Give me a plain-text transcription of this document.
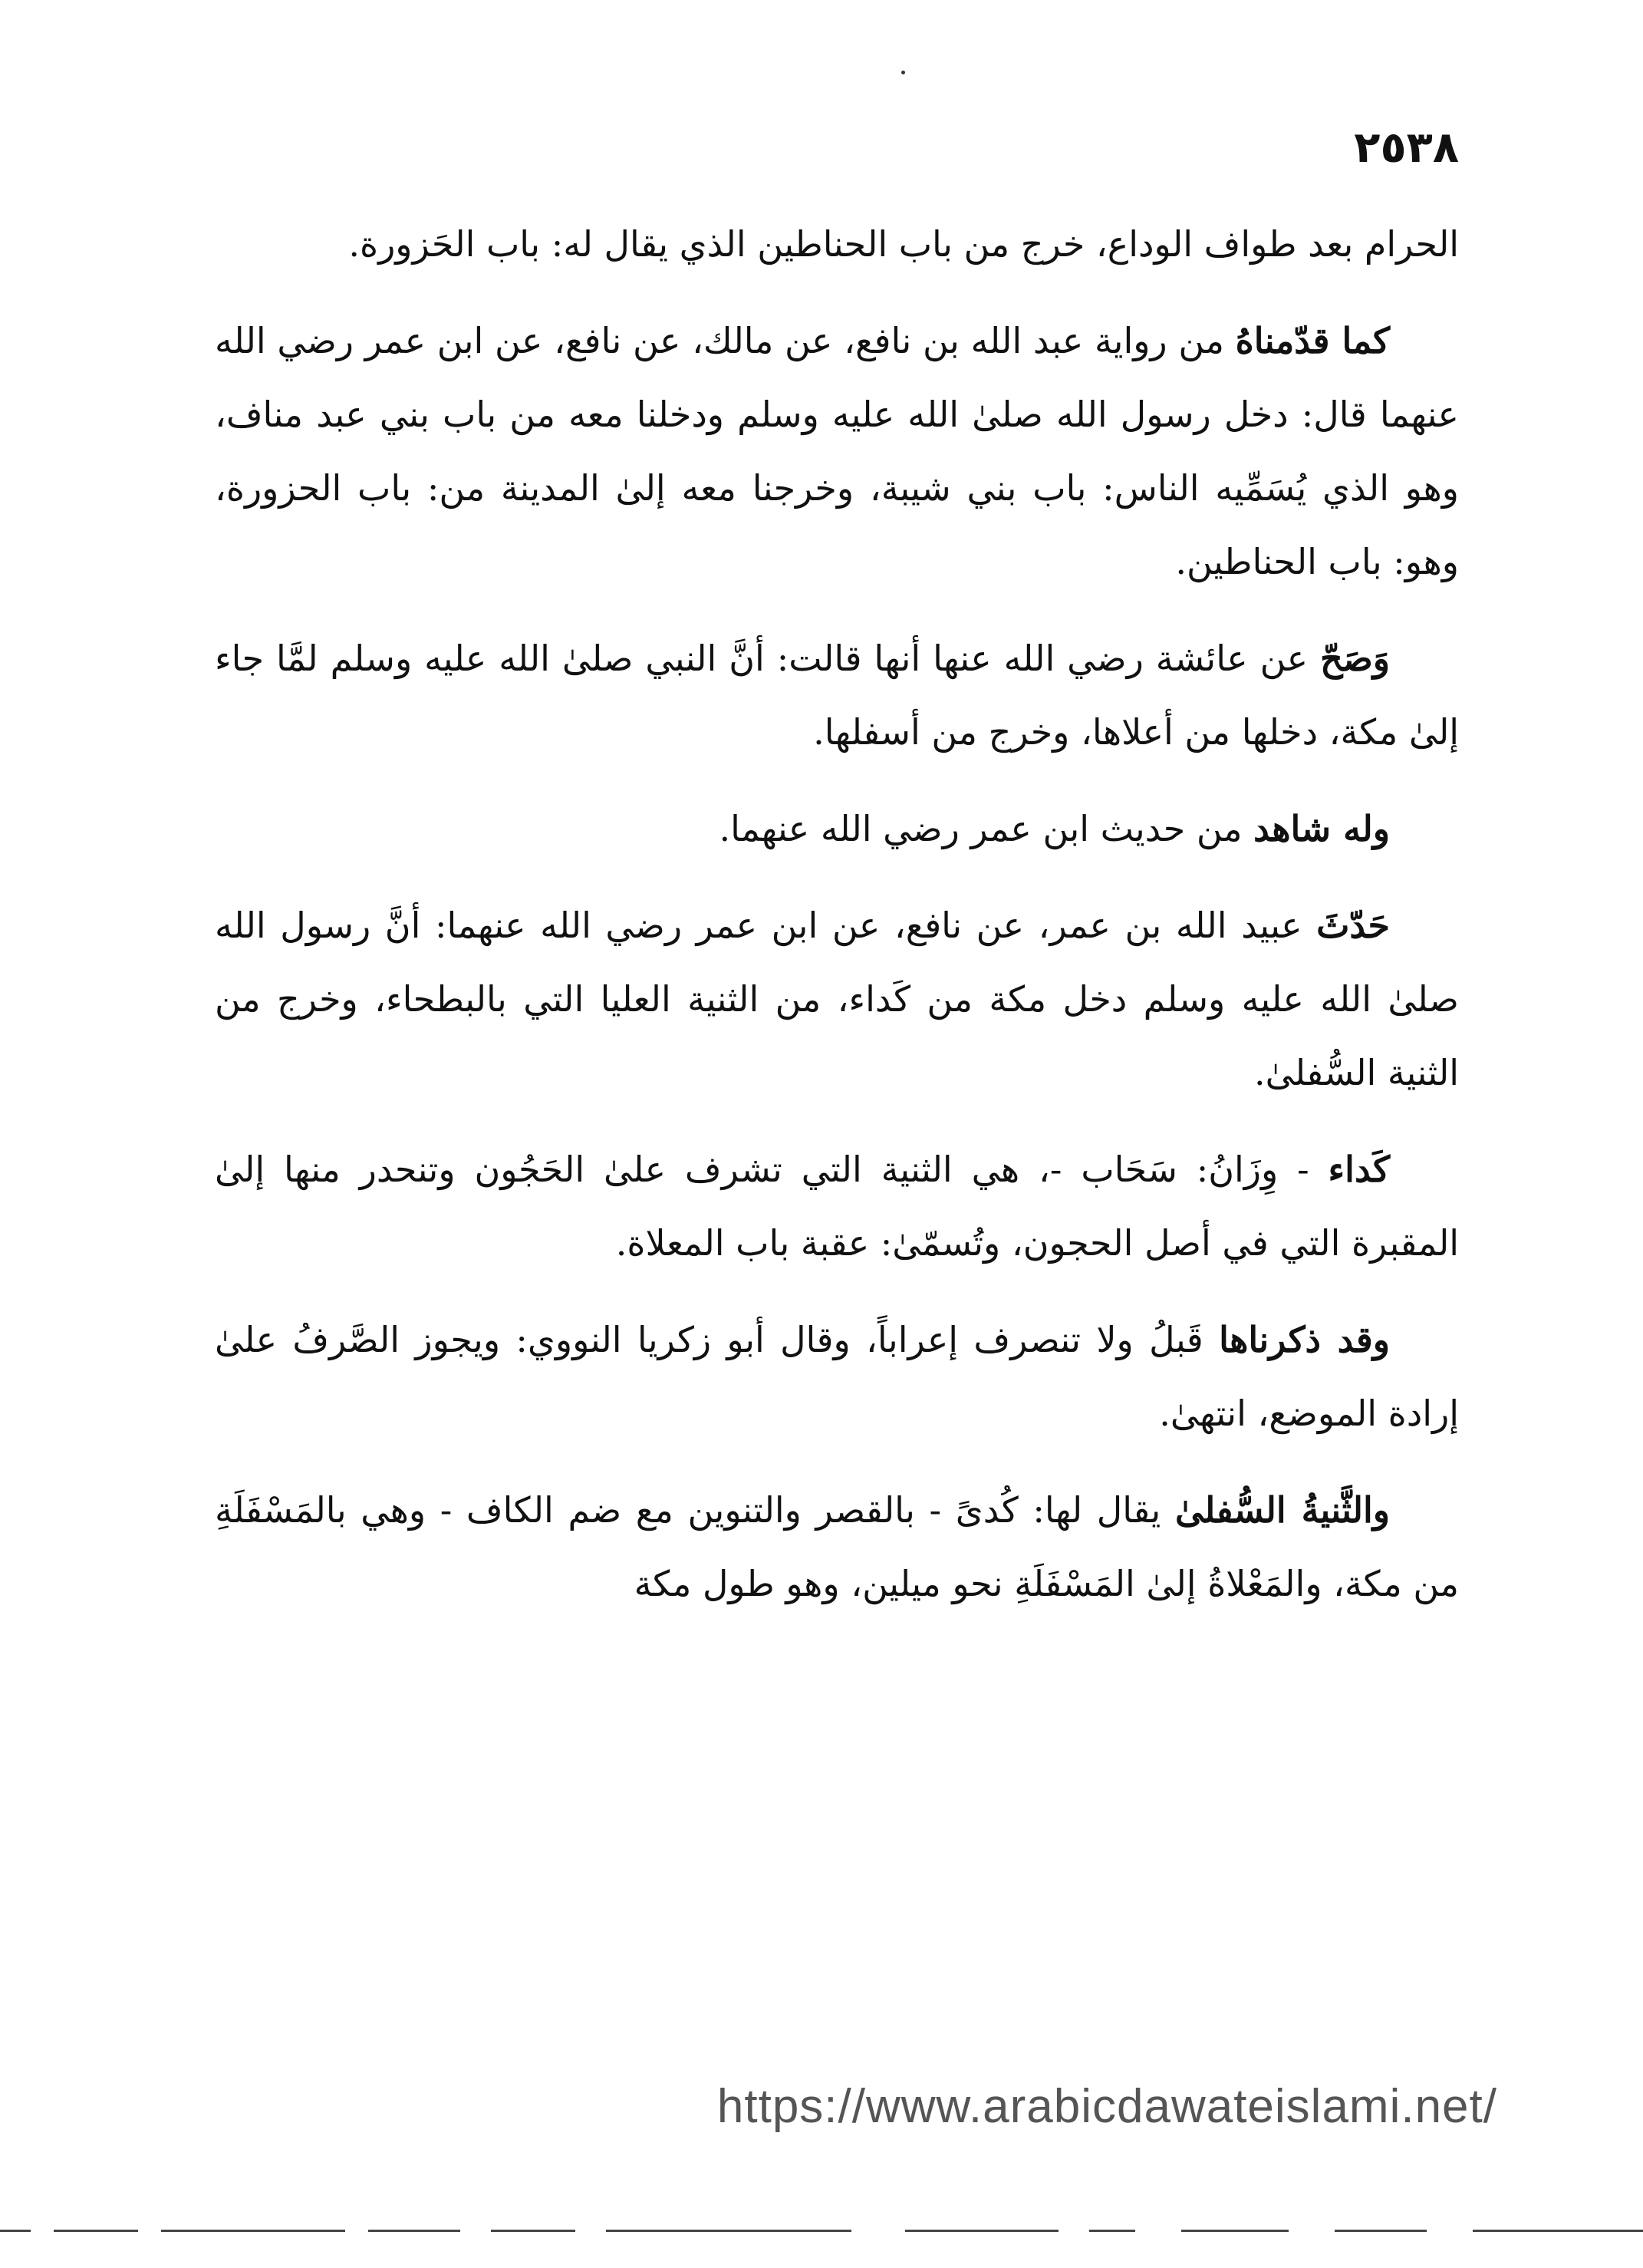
٢٥٣٨

الحرام بعد طواف الوداع، خرج من باب الحناطين الذي يقال له: باب الحَزورة.

كما قدّمناهُ من رواية عبد الله بن نافع، عن مالك، عن نافع، عن ابن عمر رضي الله عنهما قال: دخل رسول الله صلىٰ الله عليه وسلم ودخلنا معه من باب بني عبد مناف، وهو الذي يُسَمِّيه الناس: باب بني شيبة، وخرجنا معه إلىٰ المدينة من: باب الحزورة، وهو: باب الحناطين.

وَصَحّ عن عائشة رضي الله عنها أنها قالت: أنَّ النبي صلىٰ الله عليه وسلم لمَّا جاء إلىٰ مكة، دخلها من أعلاها، وخرج من أسفلها.

وله شاهد من حديث ابن عمر رضي الله عنهما.

حَدّثَ عبيد الله بن عمر، عن نافع، عن ابن عمر رضي الله عنهما: أنَّ رسول الله صلىٰ الله عليه وسلم دخل مكة من كَداء، من الثنية العليا التي بالبطحاء، وخرج من الثنية السُّفلىٰ.

كَداء - وِزَانُ: سَحَاب -، هي الثنية التي تشرف علىٰ الحَجُون وتنحدر منها إلىٰ المقبرة التي في أصل الحجون، وتُسمّىٰ: عقبة باب المعلاة.

وقد ذكرناها قَبلُ ولا تنصرف إعراباً، وقال أبو زكريا النووي: ويجوز الصَّرفُ علىٰ إرادة الموضع، انتهىٰ.

والثَّنيةُ السُّفلىٰ يقال لها: كُدىً - بالقصر والتنوين مع ضم الكاف - وهي بالمَسْفَلَةِ من مكة، والمَعْلاةُ إلىٰ المَسْفَلَةِ نحو ميلين، وهو طول مكة

https://www.arabicdawateislami.net/
